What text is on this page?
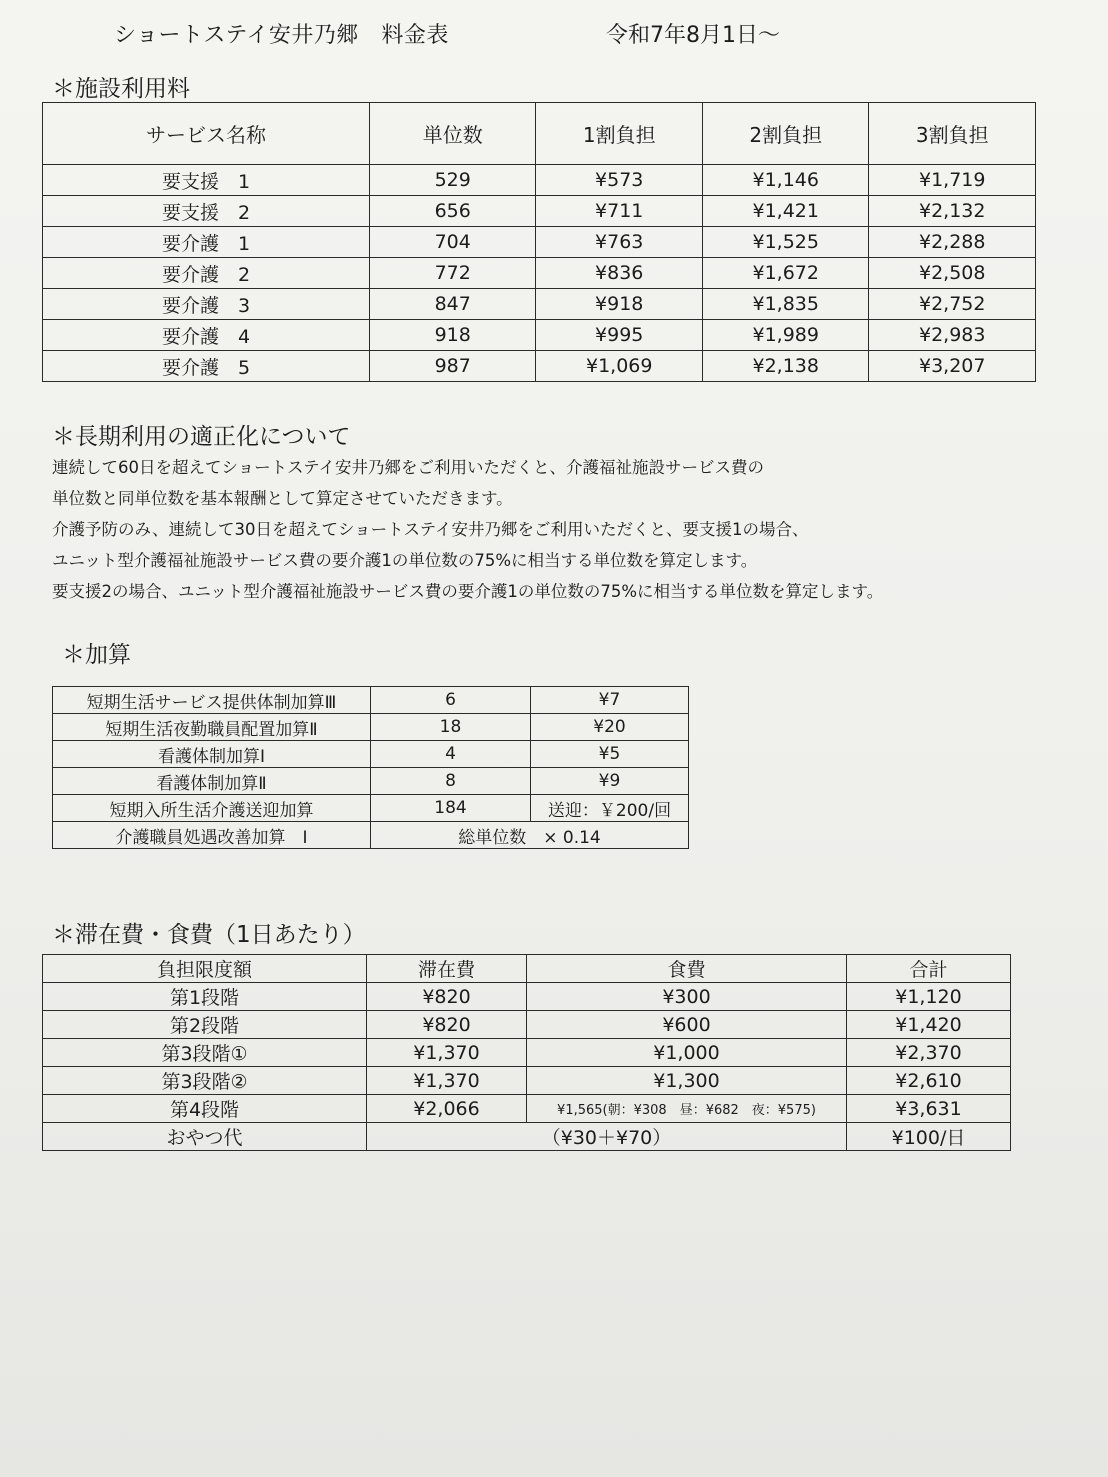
ショートステイ安井乃郷　料金表	令和7年8月1日～
＊施設利用料
サービス名称	単位数	1割負担	2割負担	3割負担
要支援　1	529	¥573	¥1,146	¥1,719
要支援　2	656	¥711	¥1,421	¥2,132
要介護　1	704	¥763	¥1,525	¥2,288
要介護　2	772	¥836	¥1,672	¥2,508
要介護　3	847	¥918	¥1,835	¥2,752
要介護　4	918	¥995	¥1,989	¥2,983
要介護　5	987	¥1,069	¥2,138	¥3,207
＊長期利用の適正化について

連続して60日を超えてショートステイ安井乃郷をご利用いただくと、介護福祉施設サービス費の

単位数と同単位数を基本報酬として算定させていただきます。

介護予防のみ、連続して30日を超えてショートステイ安井乃郷をご利用いただくと、要支援1の場合、

ユニット型介護福祉施設サービス費の要介護1の単位数の75%に相当する単位数を算定します。

要支援2の場合、ユニット型介護福祉施設サービス費の要介護1の単位数の75%に相当する単位数を算定します。

＊加算
短期生活サービス提供体制加算Ⅲ	6	¥7
短期生活夜勤職員配置加算Ⅱ	18	¥20
看護体制加算Ⅰ	4	¥5
看護体制加算Ⅱ	8	¥9
短期入所生活介護送迎加算	184	送迎：￥200/回
介護職員処遇改善加算　Ⅰ	総単位数　× 0.14	
＊滞在費・食費（1日あたり）
負担限度額	滞在費	食費	合計
第1段階	¥820	¥300	¥1,120
第2段階	¥820	¥600	¥1,420
第3段階①	¥1,370	¥1,000	¥2,370
第3段階②	¥1,370	¥1,300	¥2,610
第4段階	¥2,066	¥1,565(朝：¥308　昼：¥682　夜：¥575)	¥3,631
おやつ代	（¥30＋¥70）		¥100/日
